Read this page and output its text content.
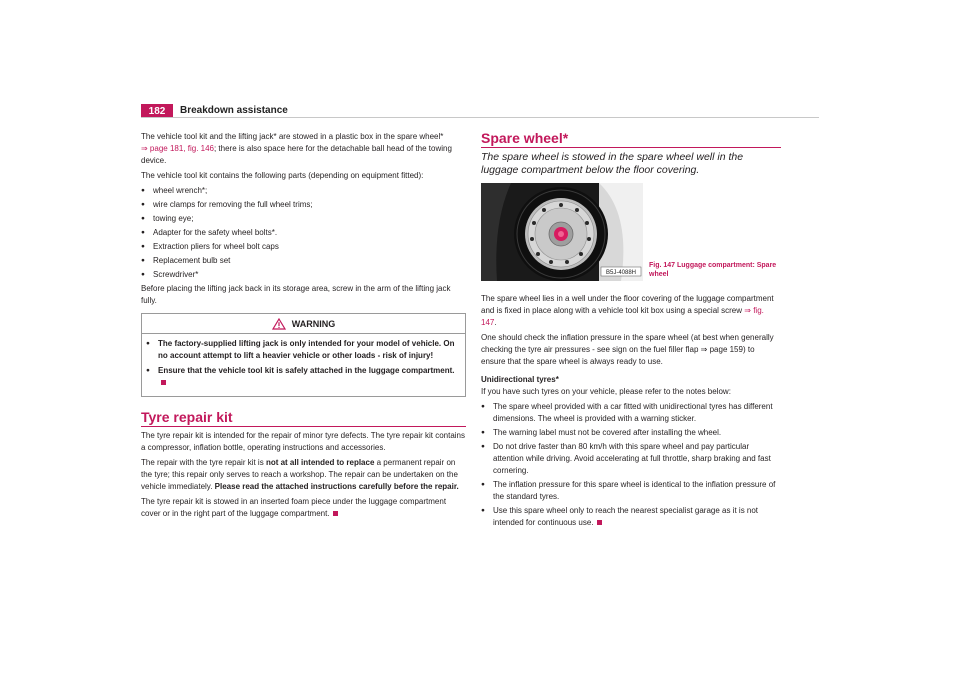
182	Breakdown assistance

The vehicle tool kit and the lifting jack* are stowed in a plastic box in the spare wheel*
⇒ page 181, fig. 146; there is also space here for the detachable ball head of the towing device.

The vehicle tool kit contains the following parts (depending on equipment fitted):

● wheel wrench*;
● wire clamps for removing the full wheel trims;
● towing eye;
● Adapter for the safety wheel bolts*.
● Extraction pliers for wheel bolt caps
● Replacement bulb set
● Screwdriver*

Before placing the lifting jack back in its storage area, screw in the arm of the lifting jack fully.

WARNING
● The factory-supplied lifting jack is only intended for your model of vehicle. On no account attempt to lift a heavier vehicle or other loads - risk of injury!
● Ensure that the vehicle tool kit is safely attached in the luggage compartment.
Tyre repair kit

The tyre repair kit is intended for the repair of minor tyre defects. The tyre repair kit contains a compressor, inflation bottle, operating instructions and accessories.

The repair with the tyre repair kit is not at all intended to replace a permanent repair on the tyre; this repair only serves to reach a workshop. The repair can be undertaken on the vehicle immediately. Please read the attached instructions carefully before the repair.

The tyre repair kit is stowed in an inserted foam piece under the luggage compartment cover or in the right part of the luggage compartment.

Spare wheel*
The spare wheel is stowed in the spare wheel well in the luggage compartment below the floor covering.
B5J-4088H
Fig. 147 Luggage compartment: Spare wheel

The spare wheel lies in a well under the floor covering of the luggage compartment and is fixed in place along with a vehicle tool kit box using a special screw ⇒ fig. 147.

One should check the inflation pressure in the spare wheel (at best when generally checking the tyre air pressures - see sign on the fuel filler flap ⇒ page 159) to ensure that the spare wheel is always ready to use.

Unidirectional tyres*

If you have such tyres on your vehicle, please refer to the notes below:

● The spare wheel provided with a car fitted with unidirectional tyres has different dimensions. The wheel is provided with a warning sticker.
● The warning label must not be covered after installing the wheel.
● Do not drive faster than 80 km/h with this spare wheel and pay particular attention while driving. Avoid accelerating at full throttle, sharp braking and fast cornering.
● The inflation pressure for this spare wheel is identical to the inflation pressure of the standard tyres.
● Use this spare wheel only to reach the nearest specialist garage as it is not intended for continuous use.
